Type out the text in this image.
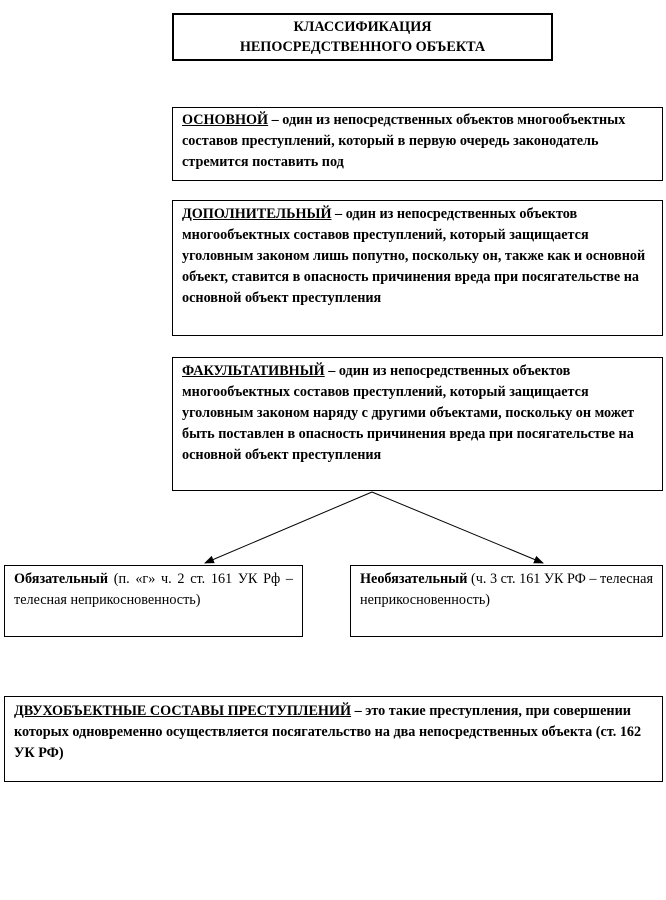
КЛАССИФИКАЦИЯ
НЕПОСРЕДСТВЕННОГО ОБЪЕКТА
ОСНОВНОЙ – один из непосредственных объектов многообъектных составов преступлений, который в первую очередь законодатель стремится поставить под
ДОПОЛНИТЕЛЬНЫЙ – один из непосредственных объектов многообъектных составов преступлений, который защищается уголовным законом лишь попутно, поскольку он, также как и основной объект, ставится в опасность причинения вреда при посягательстве на основной объект преступления
ФАКУЛЬТАТИВНЫЙ – один из непосредственных объектов многообъектных составов преступлений, который защищается уголовным законом наряду с другими объектами, поскольку он может быть поставлен в опасность причинения вреда при посягательстве на основной объект преступления
Обязательный (п. «г» ч. 2 ст. 161 УК Рф – телесная неприкосновенность)
Необязательный (ч. 3 ст. 161 УК РФ – телесная неприкосновенность)
ДВУХОБЪЕКТНЫЕ СОСТАВЫ ПРЕСТУПЛЕНИЙ – это такие преступления, при совершении которых одновременно осуществляется посягательство на два непосредственных объекта (ст. 162 УК РФ)
